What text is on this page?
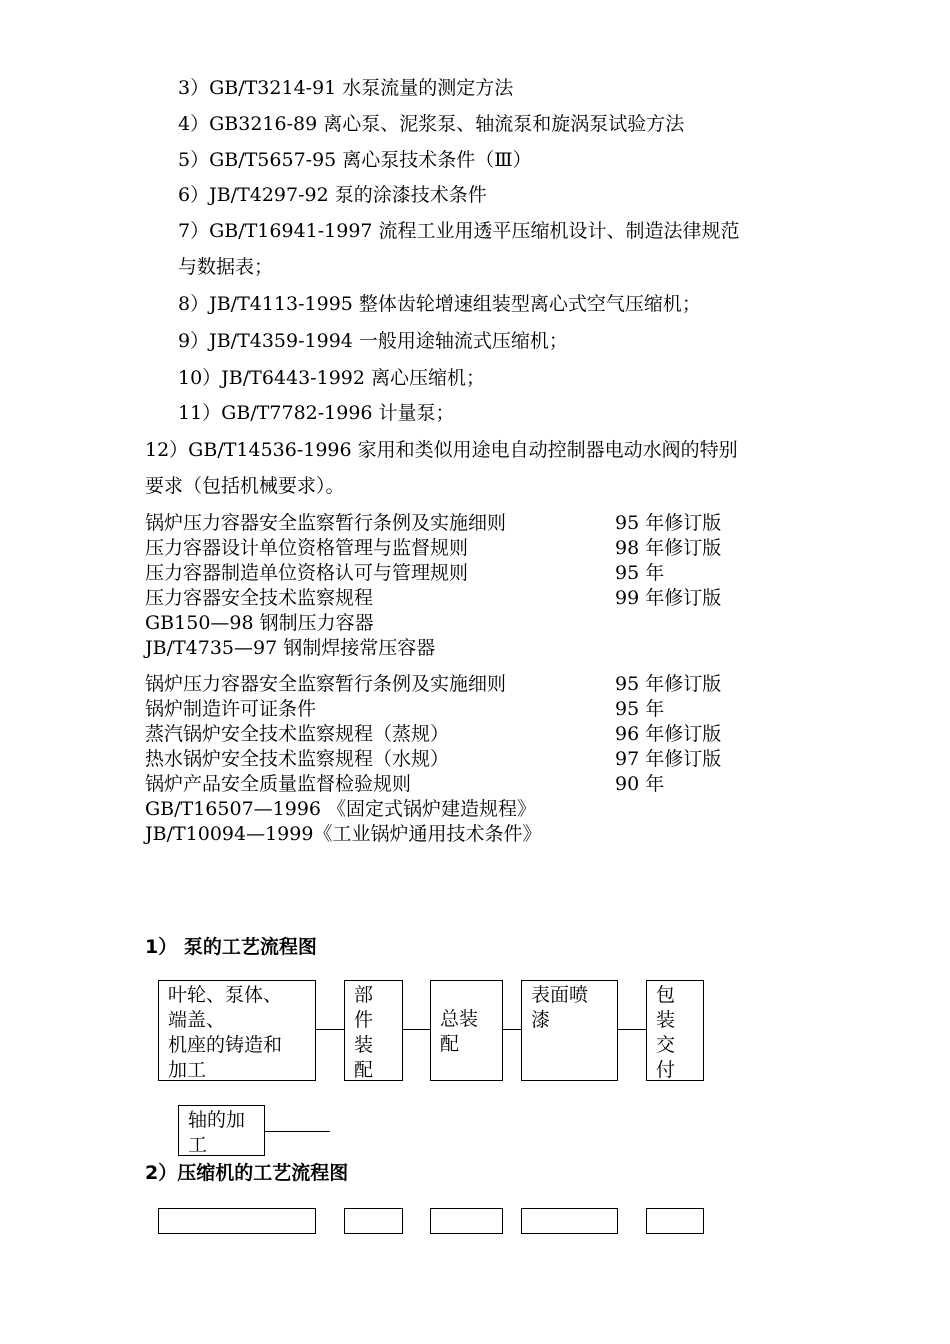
3）GB/T3214-91 水泵流量的测定方法
4）GB3216-89 离心泵、泥浆泵、轴流泵和旋涡泵试验方法
5）GB/T5657-95 离心泵技术条件（Ⅲ）
6）JB/T4297-92 泵的涂漆技术条件
7）GB/T16941-1997 流程工业用透平压缩机设计、制造法律规范
与数据表；
8）JB/T4113-1995 整体齿轮增速组装型离心式空气压缩机；
9）JB/T4359-1994 一般用途轴流式压缩机；
10）JB/T6443-1992 离心压缩机；
11）GB/T7782-1996 计量泵；
12）GB/T14536-1996 家用和类似用途电自动控制器电动水阀的特别
要求（包括机械要求）。
锅炉压力容器安全监察暂行条例及实施细则	95 年修订版
压力容器设计单位资格管理与监督规则	98 年修订版
压力容器制造单位资格认可与管理规则	95 年
压力容器安全技术监察规程	99 年修订版
GB150—98 钢制压力容器
JB/T4735—97 钢制焊接常压容器
锅炉压力容器安全监察暂行条例及实施细则	95 年修订版
锅炉制造许可证条件	95 年
蒸汽锅炉安全技术监察规程（蒸规）	96 年修订版
热水锅炉安全技术监察规程（水规）	97 年修订版
锅炉产品安全质量监督检验规则	90 年
GB/T16507—1996 《固定式锅炉建造规程》
JB/T10094—1999《工业锅炉通用技术条件》
1） 泵的工艺流程图
叶轮、泵体、
端盖、
机座的铸造和
加工
部
件
装
配
总装
配
表面喷
漆
包
装
交
付
轴的加
工
2）压缩机的工艺流程图
